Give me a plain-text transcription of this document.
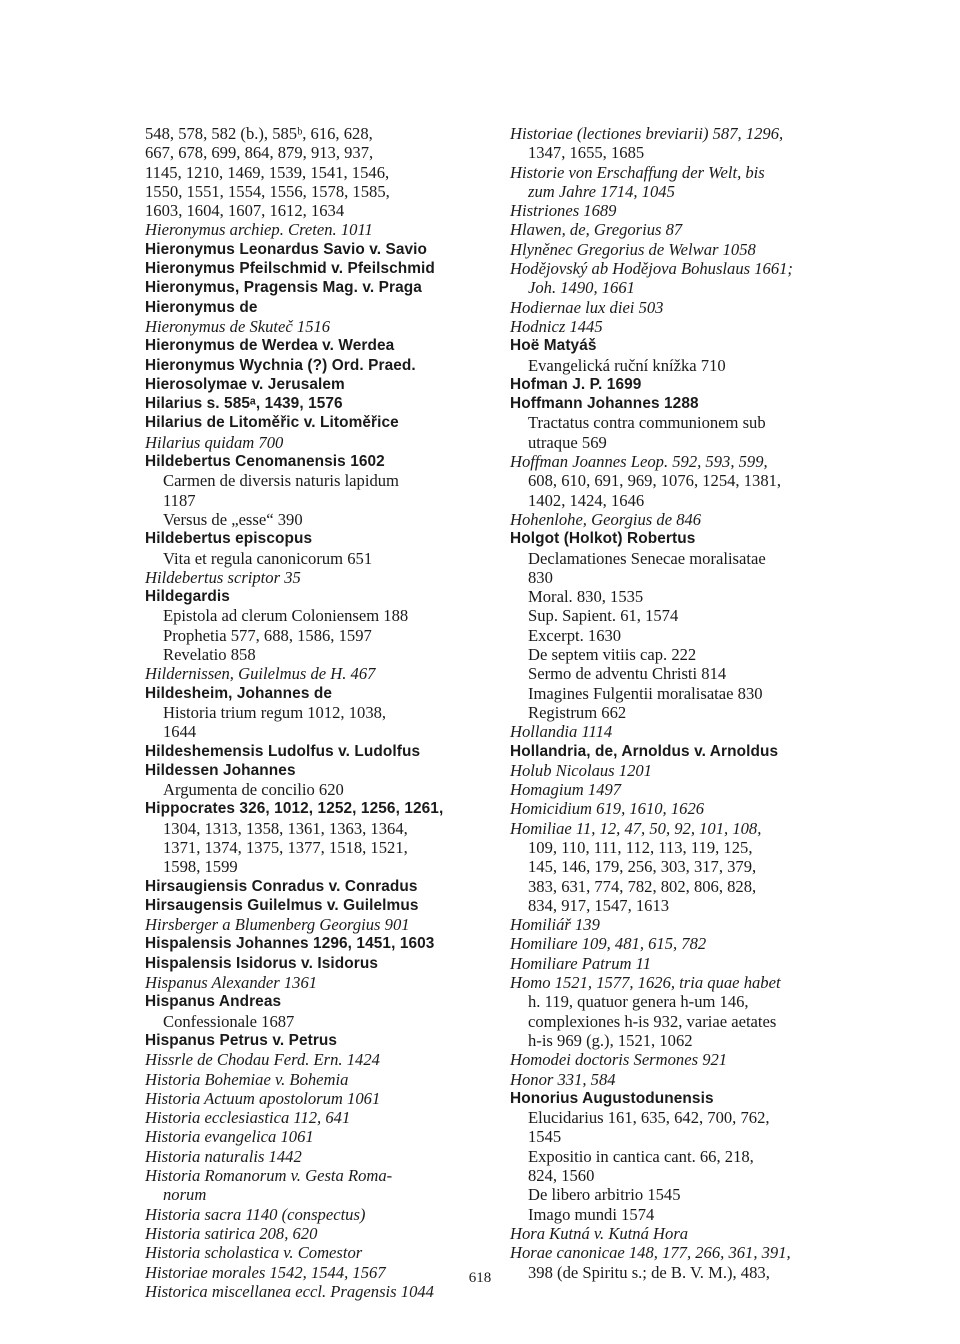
548, 578, 582 (b.), 585ᵇ, 616, 628,
667, 678, 699, 864, 879, 913, 937,
1145, 1210, 1469, 1539, 1541, 1546,
1550, 1551, 1554, 1556, 1578, 1585,
1603, 1604, 1607, 1612, 1634
Hieronymus archiep. Creten. 1011
Hieronymus Leonardus Savio v. Savio
Hieronymus Pfeilschmid v. Pfeilschmid
Hieronymus, Pragensis Mag. v. Praga
Hieronymus de
Hieronymus de Skuteč 1516
Hieronymus de Werdea v. Werdea
Hieronymus Wychnia (?) Ord. Praed.
Hierosolymae v. Jerusalem
Hilarius s. 585ᵃ, 1439, 1576
Hilarius de Litoměřic v. Litoměřice
Hilarius quidam 700
Hildebertus Cenomanensis 1602
Carmen de diversis naturis lapidum
1187
Versus de „esse“ 390
Hildebertus episcopus
Vita et regula canonicorum 651
Hildebertus scriptor 35
Hildegardis
Epistola ad clerum Coloniensem 188
Prophetia 577, 688, 1586, 1597
Revelatio 858
Hildernissen, Guilelmus de H. 467
Hildesheim, Johannes de
Historia trium regum 1012, 1038,
1644
Hildeshemensis Ludolfus v. Ludolfus
Hildessen Johannes
Argumenta de concilio 620
Hippocrates 326, 1012, 1252, 1256, 1261,
1304, 1313, 1358, 1361, 1363, 1364,
1371, 1374, 1375, 1377, 1518, 1521,
1598, 1599
Hirsaugiensis Conradus v. Conradus
Hirsaugensis Guilelmus v. Guilelmus
Hirsberger a Blumenberg Georgius 901
Hispalensis Johannes 1296, 1451, 1603
Hispalensis Isidorus v. Isidorus
Hispanus Alexander 1361
Hispanus Andreas
Confessionale 1687
Hispanus Petrus v. Petrus
Hissrle de Chodau Ferd. Ern. 1424
Historia Bohemiae v. Bohemia
Historia Actuum apostolorum 1061
Historia ecclesiastica 112, 641
Historia evangelica 1061
Historia naturalis 1442
Historia Romanorum v. Gesta Roma-
norum
Historia sacra 1140 (conspectus)
Historia satirica 208, 620
Historia scholastica v. Comestor
Historiae morales 1542, 1544, 1567
Historica miscellanea eccl. Pragensis 1044
Historiae (lectiones breviarii) 587, 1296,
1347, 1655, 1685
Historie von Erschaffung der Welt, bis
zum Jahre 1714, 1045
Histriones 1689
Hlawen, de, Gregorius 87
Hlyněnec Gregorius de Welwar 1058
Hodějovský ab Hodějova Bohuslaus 1661;
Joh. 1490, 1661
Hodiernae lux diei 503
Hodnicz 1445
Hoë Matyáš
Evangelická ruční knížka 710
Hofman J. P. 1699
Hoffmann Johannes 1288
Tractatus contra communionem sub
utraque 569
Hoffman Joannes Leop. 592, 593, 599,
608, 610, 691, 969, 1076, 1254, 1381,
1402, 1424, 1646
Hohenlohe, Georgius de 846
Holgot (Holkot) Robertus
Declamationes Senecae moralisatae
830
Moral. 830, 1535
Sup. Sapient. 61, 1574
Excerpt. 1630
De septem vitiis cap. 222
Sermo de adventu Christi 814
Imagines Fulgentii moralisatae 830
Registrum 662
Hollandia 1114
Hollandria, de, Arnoldus v. Arnoldus
Holub Nicolaus 1201
Homagium 1497
Homicidium 619, 1610, 1626
Homiliae 11, 12, 47, 50, 92, 101, 108,
109, 110, 111, 112, 113, 119, 125,
145, 146, 179, 256, 303, 317, 379,
383, 631, 774, 782, 802, 806, 828,
834, 917, 1547, 1613
Homiliář 139
Homiliare 109, 481, 615, 782
Homiliare Patrum 11
Homo 1521, 1577, 1626, tria quae habet
h. 119, quatuor genera h-um 146,
complexiones h-is 932, variae aetates
h-is 969 (g.), 1521, 1062
Homodei doctoris Sermones 921
Honor 331, 584
Honorius Augustodunensis
Elucidarius 161, 635, 642, 700, 762,
1545
Expositio in cantica cant. 66, 218,
824, 1560
De libero arbitrio 1545
Imago mundi 1574
Hora Kutná v. Kutná Hora
Horae canonicae 148, 177, 266, 361, 391,
398 (de Spiritu s.; de B. V. M.), 483,
618
